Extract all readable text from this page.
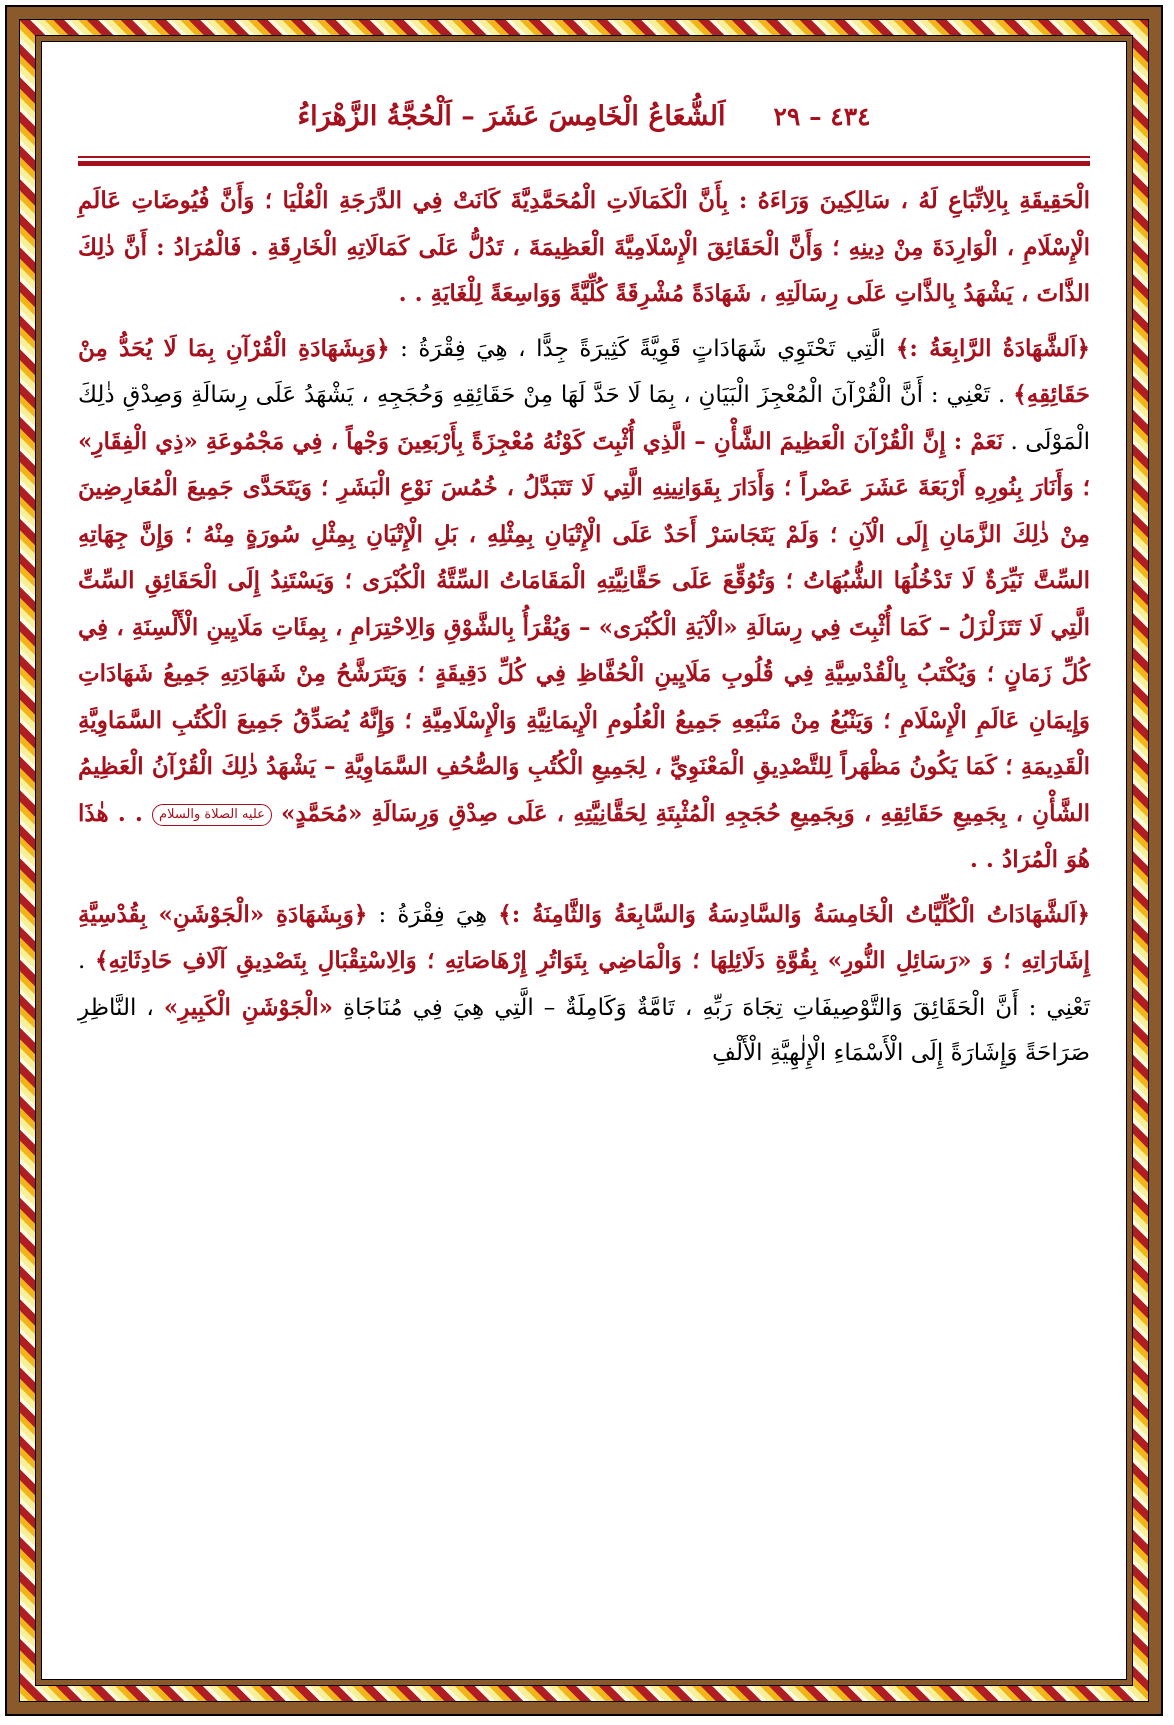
٤٣٤ – ٢٩
اَلشُّعَاعُ الْخَامِسَ عَشَرَ – اَلْحُجَّةُ الزَّهْرَاءُ

الْحَقِيقَةِ بِالِاتِّبَاعِ لَهُ ، سَالِكِينَ وَرَاءَهُ : بِأَنَّ الْكَمَالَاتِ الْمُحَمَّدِيَّةَ كَانَتْ فِي الدَّرَجَةِ الْعُلْيَا ؛ وَأَنَّ فُيُوضَاتِ عَالَمِ الْإِسْلَامِ ، الْوَارِدَةَ مِنْ دِينِهِ ؛ وَأَنَّ الْحَقَائِقَ الْإِسْلَامِيَّةَ الْعَظِيمَةَ ، تَدُلُّ عَلَى كَمَالَاتِهِ الْخَارِقَةِ . فَالْمُرَادُ : أَنَّ ذٰلِكَ الذَّاتَ ، يَشْهَدُ بِالذَّاتِ عَلَى رِسَالَتِهِ ، شَهَادَةً مُشْرِقَةً كُلِّيَّةً وَوَاسِعَةً لِلْغَايَةِ . .

﴿اَلشَّهَادَةُ الرَّابِعَةُ :﴾ الَّتِي تَحْتَوِي شَهَادَاتٍ قَوِيَّةً كَثِيرَةً جِدًّا ، هِيَ فِقْرَةُ : ﴿وَبِشَهَادَةِ الْقُرْآنِ بِمَا لَا يُحَدُّ مِنْ حَقَائِقِهِ﴾ . تَعْنِي : أَنَّ الْقُرْآنَ الْمُعْجِزَ الْبَيَانِ ، بِمَا لَا حَدَّ لَهَا مِنْ حَقَائِقِهِ وَحُجَجِهِ ، يَشْهَدُ عَلَى رِسَالَةِ وَصِدْقِ ذٰلِكَ الْمَوْلَى . نَعَمْ : إِنَّ الْقُرْآنَ الْعَظِيمَ الشَّأْنِ – الَّذِي أُثْبِتَ كَوْنُهُ مُعْجِزَةً بِأَرْبَعِينَ وَجْهاً ، فِي مَجْمُوعَةِ «ذِي الْفِقَارِ» ؛ وَأَنَارَ بِنُورِهِ أَرْبَعَةَ عَشَرَ عَصْراً ؛ وَأَدَارَ بِقَوَانِينِهِ الَّتِي لَا تَتَبَدَّلُ ، خُمُسَ نَوْعِ الْبَشَرِ ؛ وَيَتَحَدَّى جَمِيعَ الْمُعَارِضِينَ مِنْ ذٰلِكَ الزَّمَانِ إِلَى الْآنِ ؛ وَلَمْ يَتَجَاسَرْ أَحَدٌ عَلَى الْإِتْيَانِ بِمِثْلِهِ ، بَلِ الْإِتْيَانِ بِمِثْلِ سُورَةٍ مِنْهُ ؛ وَإِنَّ جِهَاتِهِ السِّتَّ نَيِّرَةٌ لَا تَدْخُلُهَا الشُّبُهَاتُ ؛ وَتُوُقِّعَ عَلَى حَقَّانِيَّتِهِ الْمَقَامَاتُ السِّتَّةُ الْكُبْرَى ؛ وَيَسْتَنِدُ إِلَى الْحَقَائِقِ السِّتِّ الَّتِي لَا تَتَزَلْزَلُ – كَمَا أُثْبِتَ فِي رِسَالَةِ «الْآيَةِ الْكُبْرَى» – وَيُقْرَأُ بِالشَّوْقِ وَالِاحْتِرَامِ ، بِمِئَاتِ مَلَايِينِ الْأَلْسِنَةِ ، فِي كُلِّ زَمَانٍ ؛ وَيُكْتَبُ بِالْقُدْسِيَّةِ فِي قُلُوبِ مَلَايِينِ الْحُفَّاظِ فِي كُلِّ دَقِيقَةٍ ؛ وَيَتَرَشَّحُ مِنْ شَهَادَتِهِ جَمِيعُ شَهَادَاتِ وَإِيمَانِ عَالَمِ الْإِسْلَامِ ؛ وَيَنْبُعُ مِنْ مَنْبَعِهِ جَمِيعُ الْعُلُومِ الْإِيمَانِيَّةِ وَالْإِسْلَامِيَّةِ ؛ وَإِنَّهُ يُصَدِّقُ جَمِيعَ الْكُتُبِ السَّمَاوِيَّةِ الْقَدِيمَةِ ؛ كَمَا يَكُونُ مَظْهَراً لِلتَّصْدِيقِ الْمَعْنَوِيِّ ، لِجَمِيعِ الْكُتُبِ وَالصُّحُفِ السَّمَاوِيَّةِ – يَشْهَدُ ذٰلِكَ الْقُرْآنُ الْعَظِيمُ الشَّأْنِ ، بِجَمِيعِ حَقَائِقِهِ ، وَبِجَمِيعِ حُجَجِهِ الْمُثْبِتَةِ لِحَقَّانِيَّتِهِ ، عَلَى صِدْقِ وَرِسَالَةِ «مُحَمَّدٍ» عليه الصلاة والسلام . . هٰذَا هُوَ الْمُرَادُ . .

﴿اَلشَّهَادَاتُ الْكُلِّيَّاتُ الْخَامِسَةُ وَالسَّادِسَةُ وَالسَّابِعَةُ وَالثَّامِنَةُ :﴾ هِيَ فِقْرَةُ : ﴿وَبِشَهَادَةِ «الْجَوْشَنِ» بِقُدْسِيَّةِ إِشَارَاتِهِ ؛ وَ «رَسَائِلِ النُّورِ» بِقُوَّةِ دَلَائِلِهَا ؛ وَالْمَاضِي بِتَوَاتُرِ إِرْهَاصَاتِهِ ؛ وَالِاسْتِقْبَالِ بِتَصْدِيقِ آلَافِ حَادِثَاتِهِ﴾ . تَعْنِي : أَنَّ الْحَقَائِقَ وَالتَّوْصِيفَاتِ تِجَاهَ رَبِّهِ ، تَامَّةٌ وَكَامِلَةٌ – الَّتِي هِيَ فِي مُنَاجَاةِ «الْجَوْشَنِ الْكَبِيرِ» ، النَّاظِرِ صَرَاحَةً وَإِشَارَةً إِلَى الْأَسْمَاءِ الْإِلٰهِيَّةِ الْأَلْفِ
